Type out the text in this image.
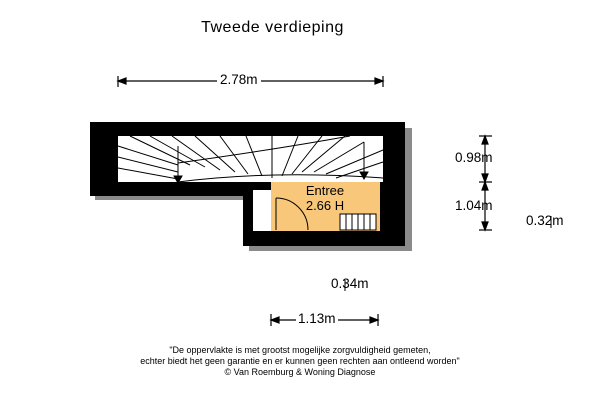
Tweede verdieping
2.78m
0.98m
1.04m
0.32m
0.34m
1.13m
Entree
2.66 H
"De oppervlakte is met grootst mogelijke zorgvuldigheid gemeten,
echter biedt het geen garantie en er kunnen geen rechten aan ontleend worden"
© Van Roemburg & Woning Diagnose
